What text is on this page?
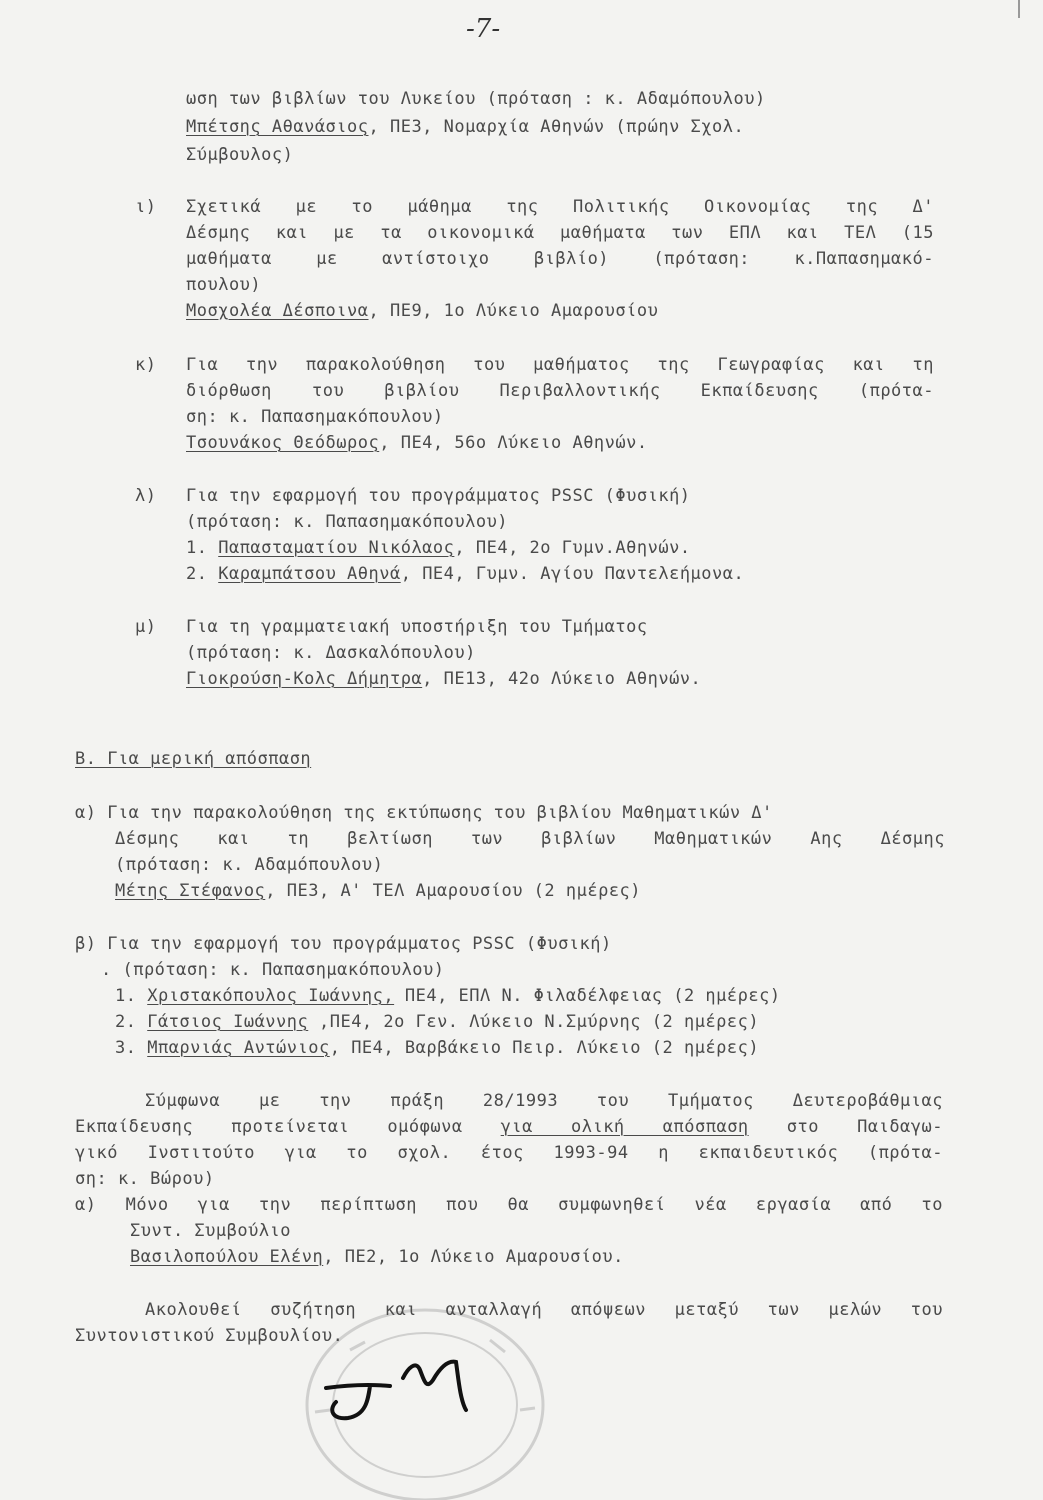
-7-
ωση των βιβλίων του Λυκείου (πρόταση : κ. Αδαμόπουλου)
Μπέτσης Αθανάσιος, ΠΕ3, Νομαρχία Αθηνών (πρώην Σχολ.
Σύμβουλος)
ι) Σχετικά με το μάθημα της Πολιτικής Οικονομίας της Δ'
Δέσμης και με τα οικονομικά μαθήματα των ΕΠΛ και ΤΕΛ (15
μαθήματα με αντίστοιχο βιβλίο) (πρόταση: κ.Παπασημακό-
πουλου)
Μοσχολέα Δέσποινα, ΠΕ9, 1ο Λύκειο Αμαρουσίου
κ) Για την παρακολούθηση του μαθήματος της Γεωγραφίας και τη
διόρθωση του βιβλίου Περιβαλλοντικής Εκπαίδευσης (πρότα-
ση: κ. Παπασημακόπουλου)
Τσουνάκος Θεόδωρος, ΠΕ4, 56ο Λύκειο Αθηνών.
λ) Για την εφαρμογή του προγράμματος PSSC (Φυσική)
(πρόταση: κ. Παπασημακόπουλου)
1. Παπασταματίου Νικόλαος, ΠΕ4, 2ο Γυμν.Αθηνών.
2. Καραμπάτσου Αθηνά, ΠΕ4, Γυμν. Αγίου Παντελεήμονα.
μ) Για τη γραμματειακή υποστήριξη του Τμήματος
(πρόταση: κ. Δασκαλόπουλου)
Γιοκρούση-Κολς Δήμητρα, ΠΕ13, 42ο Λύκειο Αθηνών.
Β. Για μερική απόσπαση
α) Για την παρακολούθηση της εκτύπωσης του βιβλίου Μαθηματικών Δ'
Δέσμης και τη βελτίωση των βιβλίων Μαθηματικών Αης Δέσμης
(πρόταση: κ. Αδαμόπουλου)
Μέτης Στέφανος, ΠΕ3, Α' ΤΕΛ Αμαρουσίου (2 ημέρες)
β) Για την εφαρμογή του προγράμματος PSSC (Φυσική)
. (πρόταση: κ. Παπασημακόπουλου)
1. Χριστακόπουλος Ιωάννης, ΠΕ4, ΕΠΛ Ν. Φιλαδέλφειας (2 ημέρες)
2. Γάτσιος Ιωάννης ,ΠΕ4, 2ο Γεν. Λύκειο Ν.Σμύρνης (2 ημέρες)
3. Μπαρνιάς Αντώνιος, ΠΕ4, Βαρβάκειο Πειρ. Λύκειο (2 ημέρες)
Σύμφωνα με την πράξη 28/1993 του Τμήματος Δευτεροβάθμιας
Εκπαίδευσης προτείνεται ομόφωνα για ολική απόσπαση στο Παιδαγω-
γικό Ινστιτούτο για το σχολ. έτος 1993-94 η εκπαιδευτικός (πρότα-
ση: κ. Βώρου)
α) Μόνο για την περίπτωση που θα συμφωνηθεί νέα εργασία από το
Συντ. Συμβούλιο
Βασιλοπούλου Ελένη, ΠΕ2, 1ο Λύκειο Αμαρουσίου.
Ακολουθεί συζήτηση και ανταλλαγή απόψεων μεταξύ των μελών του
Συντονιστικού Συμβουλίου.
